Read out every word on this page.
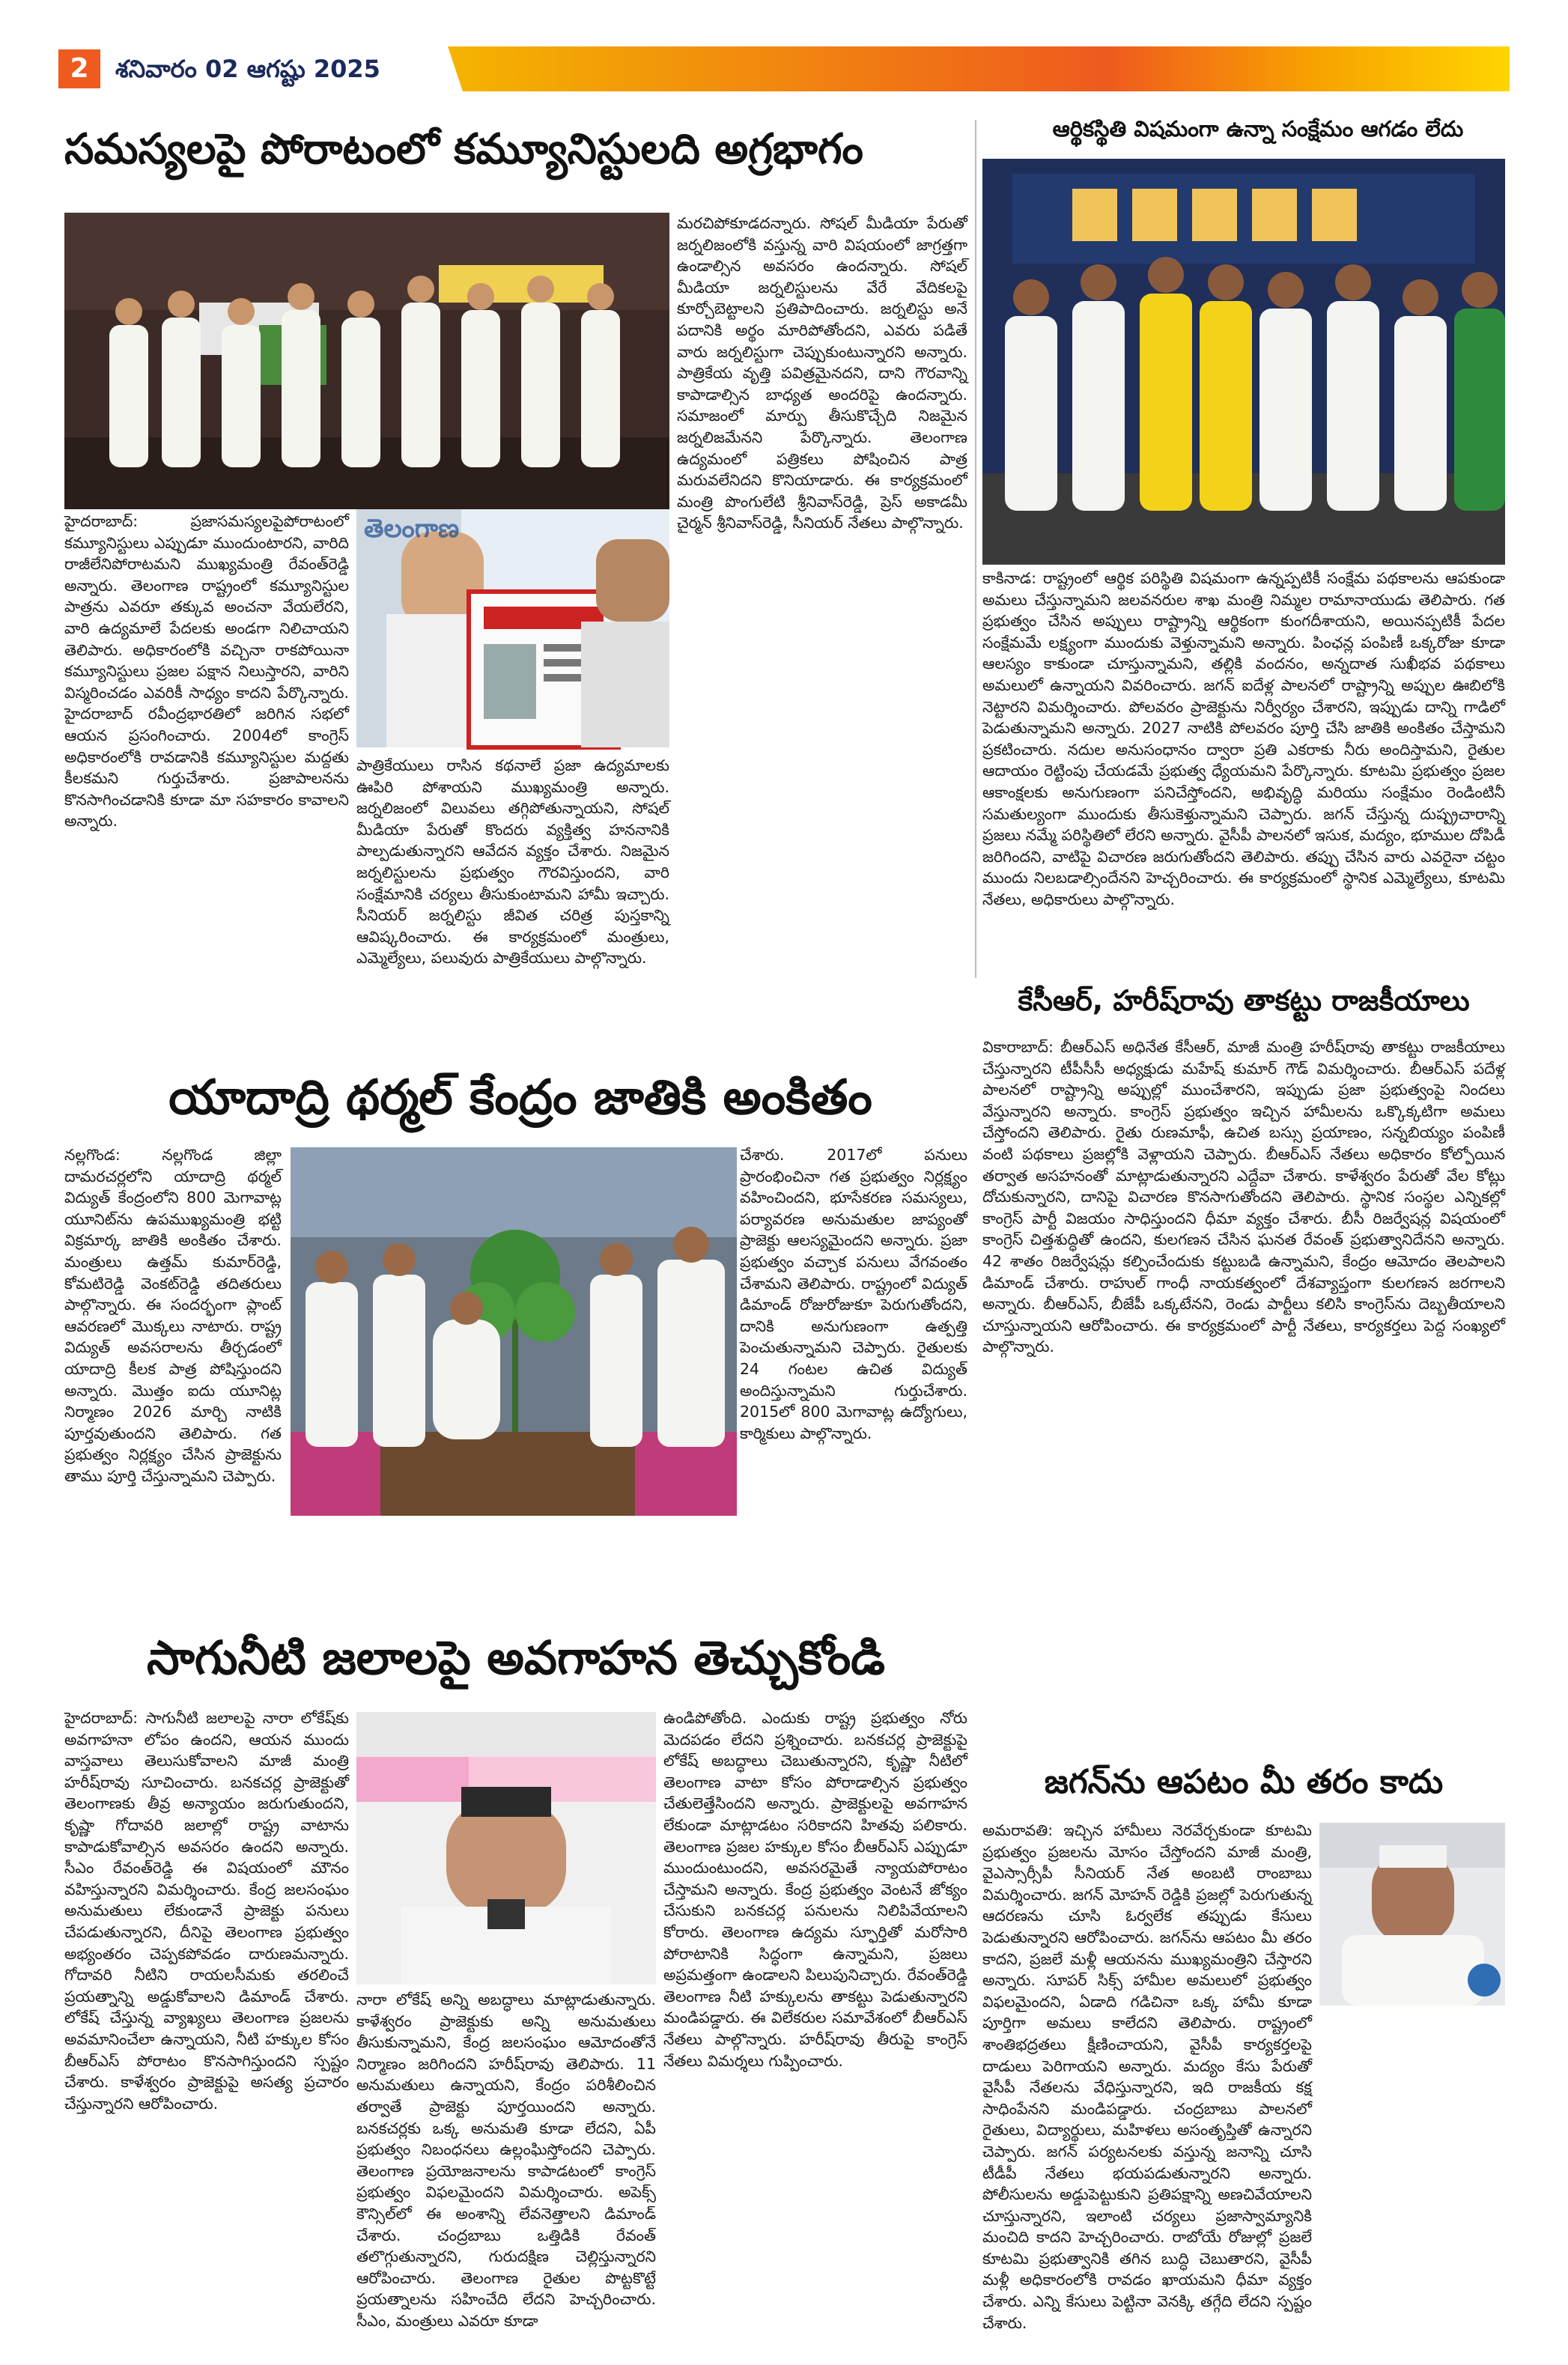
2	శనివారం 02 ఆగష్టు 2025
సమస్యలపై పోరాటంలో కమ్యూనిస్టులది అగ్రభాగం
తెలంగాణ

హైదరాబాద్: ప్రజాసమస్యలపైపోరాటంలో కమ్యూనిస్టులు ఎప్పుడూ ముందుంటారని, వారిది రాజీలేనిపోరాటమని ముఖ్యమంత్రి రేవంత్‌రెడ్డి అన్నారు. తెలంగాణ రాష్ట్రంలో కమ్యూనిస్టుల పాత్రను ఎవరూ తక్కువ అంచనా వేయలేరని, వారి ఉద్యమాలే పేదలకు అండగా నిలిచాయని తెలిపారు. అధికారంలోకి వచ్చినా రాకపోయినా కమ్యూనిస్టులు ప్రజల పక్షాన నిలుస్తారని, వారిని విస్మరించడం ఎవరికీ సాధ్యం కాదని పేర్కొన్నారు. హైదరాబాద్ రవీంద్రభారతిలో జరిగిన సభలో ఆయన ప్రసంగించారు. 2004లో కాంగ్రెస్ అధికారంలోకి రావడానికి కమ్యూనిస్టుల మద్దతు కీలకమని గుర్తుచేశారు. ప్రజాపాలనను కొనసాగించడానికి కూడా మా సహకారం కావాలని అన్నారు.

పాత్రికేయులు రాసిన కథనాలే ప్రజా ఉద్యమాలకు ఊపిరి పోశాయని ముఖ్యమంత్రి అన్నారు. జర్నలిజంలో విలువలు తగ్గిపోతున్నాయని, సోషల్ మీడియా పేరుతో కొందరు వ్యక్తిత్వ హననానికి పాల్పడుతున్నారని ఆవేదన వ్యక్తం చేశారు. నిజమైన జర్నలిస్టులను ప్రభుత్వం గౌరవిస్తుందని, వారి సంక్షేమానికి చర్యలు తీసుకుంటామని హామీ ఇచ్చారు. సీనియర్ జర్నలిస్టు జీవిత చరిత్ర పుస్తకాన్ని ఆవిష్కరించారు. ఈ కార్యక్రమంలో మంత్రులు, ఎమ్మెల్యేలు, పలువురు పాత్రికేయులు పాల్గొన్నారు.

మరచిపోకూడదన్నారు. సోషల్ మీడియా పేరుతో జర్నలిజంలోకి వస్తున్న వారి విషయంలో జాగ్రత్తగా ఉండాల్సిన అవసరం ఉందన్నారు. సోషల్ మీడియా జర్నలిస్టులను వేరే వేదికలపై కూర్చోబెట్టాలని ప్రతిపాదించారు. జర్నలిస్టు అనే పదానికి అర్థం మారిపోతోందని, ఎవరు పడితే వారు జర్నలిస్టుగా చెప్పుకుంటున్నారని అన్నారు. పాత్రికేయ వృత్తి పవిత్రమైనదని, దాని గౌరవాన్ని కాపాడాల్సిన బాధ్యత అందరిపై ఉందన్నారు. సమాజంలో మార్పు తీసుకొచ్చేది నిజమైన జర్నలిజమేనని పేర్కొన్నారు. తెలంగాణ ఉద్యమంలో పత్రికలు పోషించిన పాత్ర మరువలేనిదని కొనియాడారు. ఈ కార్యక్రమంలో మంత్రి పొంగులేటి శ్రీనివాస్‌రెడ్డి, ప్రెస్ అకాడమీ చైర్మన్ శ్రీనివాస్‌రెడ్డి, సీనియర్ నేతలు పాల్గొన్నారు.

ఆర్థికస్థితి విషమంగా ఉన్నా సంక్షేమం ఆగడం లేదు

కాకినాడ: రాష్ట్రంలో ఆర్థిక పరిస్థితి విషమంగా ఉన్నప్పటికీ సంక్షేమ పథకాలను ఆపకుండా అమలు చేస్తున్నామని జలవనరుల శాఖ మంత్రి నిమ్మల రామానాయుడు తెలిపారు. గత ప్రభుత్వం చేసిన అప్పులు రాష్ట్రాన్ని ఆర్థికంగా కుంగదీశాయని, అయినప్పటికీ పేదల సంక్షేమమే లక్ష్యంగా ముందుకు వెళ్తున్నామని అన్నారు. పింఛన్ల పంపిణీ ఒక్కరోజు కూడా ఆలస్యం కాకుండా చూస్తున్నామని, తల్లికి వందనం, అన్నదాత సుఖీభవ పథకాలు అమలులో ఉన్నాయని వివరించారు. జగన్ ఐదేళ్ల పాలనలో రాష్ట్రాన్ని అప్పుల ఊబిలోకి నెట్టారని విమర్శించారు. పోలవరం ప్రాజెక్టును నిర్వీర్యం చేశారని, ఇప్పుడు దాన్ని గాడిలో పెడుతున్నామని అన్నారు. 2027 నాటికి పోలవరం పూర్తి చేసి జాతికి అంకితం చేస్తామని ప్రకటించారు. నదుల అనుసంధానం ద్వారా ప్రతి ఎకరాకు నీరు అందిస్తామని, రైతుల ఆదాయం రెట్టింపు చేయడమే ప్రభుత్వ ధ్యేయమని పేర్కొన్నారు. కూటమి ప్రభుత్వం ప్రజల ఆకాంక్షలకు అనుగుణంగా పనిచేస్తోందని, అభివృద్ధి మరియు సంక్షేమం రెండింటినీ సమతుల్యంగా ముందుకు తీసుకెళ్తున్నామని చెప్పారు. జగన్ చేస్తున్న దుష్ప్రచారాన్ని ప్రజలు నమ్మే పరిస్థితిలో లేరని అన్నారు. వైసీపీ పాలనలో ఇసుక, మద్యం, భూముల దోపిడీ జరిగిందని, వాటిపై విచారణ జరుగుతోందని తెలిపారు. తప్పు చేసిన వారు ఎవరైనా చట్టం ముందు నిలబడాల్సిందేనని హెచ్చరించారు. ఈ కార్యక్రమంలో స్థానిక ఎమ్మెల్యేలు, కూటమి నేతలు, అధికారులు పాల్గొన్నారు.

కేసీఆర్, హరీష్‌రావు తాకట్టు రాజకీయాలు

వికారాబాద్: బీఆర్ఎస్ అధినేత కేసీఆర్, మాజీ మంత్రి హరీష్‌రావు తాకట్టు రాజకీయాలు చేస్తున్నారని టీపీసీసీ అధ్యక్షుడు మహేష్ కుమార్ గౌడ్ విమర్శించారు. బీఆర్ఎస్ పదేళ్ల పాలనలో రాష్ట్రాన్ని అప్పుల్లో ముంచేశారని, ఇప్పుడు ప్రజా ప్రభుత్వంపై నిందలు వేస్తున్నారని అన్నారు. కాంగ్రెస్ ప్రభుత్వం ఇచ్చిన హామీలను ఒక్కొక్కటిగా అమలు చేస్తోందని తెలిపారు. రైతు రుణమాఫీ, ఉచిత బస్సు ప్రయాణం, సన్నబియ్యం పంపిణీ వంటి పథకాలు ప్రజల్లోకి వెళ్లాయని చెప్పారు. బీఆర్ఎస్ నేతలు అధికారం కోల్పోయిన తర్వాత అసహనంతో మాట్లాడుతున్నారని ఎద్దేవా చేశారు. కాళేశ్వరం పేరుతో వేల కోట్లు దోచుకున్నారని, దానిపై విచారణ కొనసాగుతోందని తెలిపారు. స్థానిక సంస్థల ఎన్నికల్లో కాంగ్రెస్ పార్టీ విజయం సాధిస్తుందని ధీమా వ్యక్తం చేశారు. బీసీ రిజర్వేషన్ల విషయంలో కాంగ్రెస్ చిత్తశుద్ధితో ఉందని, కులగణన చేసిన ఘనత రేవంత్ ప్రభుత్వానిదేనని అన్నారు. 42 శాతం రిజర్వేషన్లు కల్పించేందుకు కట్టుబడి ఉన్నామని, కేంద్రం ఆమోదం తెలపాలని డిమాండ్ చేశారు. రాహుల్ గాంధీ నాయకత్వంలో దేశవ్యాప్తంగా కులగణన జరగాలని అన్నారు. బీఆర్ఎస్, బీజేపీ ఒక్కటేనని, రెండు పార్టీలు కలిసి కాంగ్రెస్‌ను దెబ్బతీయాలని చూస్తున్నాయని ఆరోపించారు. ఈ కార్యక్రమంలో పార్టీ నేతలు, కార్యకర్తలు పెద్ద సంఖ్యలో పాల్గొన్నారు.

యాదాద్రి థర్మల్ కేంద్రం జాతికి అంకితం

నల్లగొండ: నల్లగొండ జిల్లా దామరచర్లలోని యాదాద్రి థర్మల్ విద్యుత్ కేంద్రంలోని 800 మెగావాట్ల యూనిట్‌ను ఉపముఖ్యమంత్రి భట్టి విక్రమార్క జాతికి అంకితం చేశారు. మంత్రులు ఉత్తమ్ కుమార్‌రెడ్డి, కోమటిరెడ్డి వెంకట్‌రెడ్డి తదితరులు పాల్గొన్నారు. ఈ సందర్భంగా ప్లాంట్ ఆవరణలో మొక్కలు నాటారు. రాష్ట్ర విద్యుత్ అవసరాలను తీర్చడంలో యాదాద్రి కీలక పాత్ర పోషిస్తుందని అన్నారు. మొత్తం ఐదు యూనిట్ల నిర్మాణం 2026 మార్చి నాటికి పూర్తవుతుందని తెలిపారు. గత ప్రభుత్వం నిర్లక్ష్యం చేసిన ప్రాజెక్టును తాము పూర్తి చేస్తున్నామని చెప్పారు.

చేశారు. 2017లో పనులు ప్రారంభించినా గత ప్రభుత్వం నిర్లక్ష్యం వహించిందని, భూసేకరణ సమస్యలు, పర్యావరణ అనుమతుల జాప్యంతో ప్రాజెక్టు ఆలస్యమైందని అన్నారు. ప్రజా ప్రభుత్వం వచ్చాక పనులు వేగవంతం చేశామని తెలిపారు. రాష్ట్రంలో విద్యుత్ డిమాండ్ రోజురోజుకూ పెరుగుతోందని, దానికి అనుగుణంగా ఉత్పత్తి పెంచుతున్నామని చెప్పారు. రైతులకు 24 గంటల ఉచిత విద్యుత్ అందిస్తున్నామని గుర్తుచేశారు. 2015లో 800 మెగావాట్ల ఉద్యోగులు, కార్మికులు పాల్గొన్నారు.

సాగునీటి జలాలపై అవగాహన తెచ్చుకోండి

హైదరాబాద్: సాగునీటి జలాలపై నారా లోకేష్‌కు అవగాహనా లోపం ఉందని, ఆయన ముందు వాస్తవాలు తెలుసుకోవాలని మాజీ మంత్రి హరీష్‌రావు సూచించారు. బనకచర్ల ప్రాజెక్టుతో తెలంగాణకు తీవ్ర అన్యాయం జరుగుతుందని, కృష్ణా గోదావరి జలాల్లో రాష్ట్ర వాటాను కాపాడుకోవాల్సిన అవసరం ఉందని అన్నారు. సీఎం రేవంత్‌రెడ్డి ఈ విషయంలో మౌనం వహిస్తున్నారని విమర్శించారు. కేంద్ర జలసంఘం అనుమతులు లేకుండానే ప్రాజెక్టు పనులు చేపడుతున్నారని, దీనిపై తెలంగాణ ప్రభుత్వం అభ్యంతరం చెప్పకపోవడం దారుణమన్నారు. గోదావరి నీటిని రాయలసీమకు తరలించే ప్రయత్నాన్ని అడ్డుకోవాలని డిమాండ్ చేశారు. లోకేష్ చేస్తున్న వ్యాఖ్యలు తెలంగాణ ప్రజలను అవమానించేలా ఉన్నాయని, నీటి హక్కుల కోసం బీఆర్ఎస్ పోరాటం కొనసాగిస్తుందని స్పష్టం చేశారు. కాళేశ్వరం ప్రాజెక్టుపై అసత్య ప్రచారం చేస్తున్నారని ఆరోపించారు.

నారా లోకేష్ అన్ని అబద్ధాలు మాట్లాడుతున్నారు. కాళేశ్వరం ప్రాజెక్టుకు అన్ని అనుమతులు తీసుకున్నామని, కేంద్ర జలసంఘం ఆమోదంతోనే నిర్మాణం జరిగిందని హరీష్‌రావు తెలిపారు. 11 అనుమతులు ఉన్నాయని, కేంద్రం పరిశీలించిన తర్వాతే ప్రాజెక్టు పూర్తయిందని అన్నారు. బనకచర్లకు ఒక్క అనుమతి కూడా లేదని, ఏపీ ప్రభుత్వం నిబంధనలు ఉల్లంఘిస్తోందని చెప్పారు. తెలంగాణ ప్రయోజనాలను కాపాడటంలో కాంగ్రెస్ ప్రభుత్వం విఫలమైందని విమర్శించారు. అపెక్స్ కౌన్సిల్‌లో ఈ అంశాన్ని లేవనెత్తాలని డిమాండ్ చేశారు. చంద్రబాబు ఒత్తిడికి రేవంత్ తలొగ్గుతున్నారని, గురుదక్షిణ చెల్లిస్తున్నారని ఆరోపించారు. తెలంగాణ రైతుల పొట్టకొట్టే ప్రయత్నాలను సహించేది లేదని హెచ్చరించారు. సీఎం, మంత్రులు ఎవరూ కూడా

ఉండిపోతోంది. ఎందుకు రాష్ట్ర ప్రభుత్వం నోరు మెదపడం లేదని ప్రశ్నించారు. బనకచర్ల ప్రాజెక్టుపై లోకేష్ అబద్ధాలు చెబుతున్నారని, కృష్ణా నీటిలో తెలంగాణ వాటా కోసం పోరాడాల్సిన ప్రభుత్వం చేతులెత్తేసిందని అన్నారు. ప్రాజెక్టులపై అవగాహన లేకుండా మాట్లాడటం సరికాదని హితవు పలికారు. తెలంగాణ ప్రజల హక్కుల కోసం బీఆర్ఎస్ ఎప్పుడూ ముందుంటుందని, అవసరమైతే న్యాయపోరాటం చేస్తామని అన్నారు. కేంద్ర ప్రభుత్వం వెంటనే జోక్యం చేసుకుని బనకచర్ల పనులను నిలిపివేయాలని కోరారు. తెలంగాణ ఉద్యమ స్ఫూర్తితో మరోసారి పోరాటానికి సిద్ధంగా ఉన్నామని, ప్రజలు అప్రమత్తంగా ఉండాలని పిలుపునిచ్చారు. రేవంత్‌రెడ్డి తెలంగాణ నీటి హక్కులను తాకట్టు పెడుతున్నారని మండిపడ్డారు. ఈ విలేకరుల సమావేశంలో బీఆర్ఎస్ నేతలు పాల్గొన్నారు. హరీష్‌రావు తీరుపై కాంగ్రెస్ నేతలు విమర్శలు గుప్పించారు.

జగన్‌ను ఆపటం మీ తరం కాదు

అమరావతి: ఇచ్చిన హామీలు నెరవేర్చకుండా కూటమి ప్రభుత్వం ప్రజలను మోసం చేస్తోందని మాజీ మంత్రి, వైఎస్సార్సీపీ సీనియర్ నేత అంబటి రాంబాబు విమర్శించారు. జగన్ మోహన్ రెడ్డికి ప్రజల్లో పెరుగుతున్న ఆదరణను చూసి ఓర్వలేక తప్పుడు కేసులు పెడుతున్నారని ఆరోపించారు. జగన్‌ను ఆపటం మీ తరం కాదని, ప్రజలే మళ్లీ ఆయనను ముఖ్యమంత్రిని చేస్తారని అన్నారు. సూపర్ సిక్స్ హామీల అమలులో ప్రభుత్వం విఫలమైందని, ఏడాది గడిచినా ఒక్క హామీ కూడా పూర్తిగా అమలు కాలేదని తెలిపారు. రాష్ట్రంలో శాంతిభద్రతలు క్షీణించాయని, వైసీపీ కార్యకర్తలపై దాడులు పెరిగాయని అన్నారు. మద్యం కేసు పేరుతో వైసీపీ నేతలను వేధిస్తున్నారని, ఇది రాజకీయ కక్ష సాధింపేనని మండిపడ్డారు. చంద్రబాబు పాలనలో రైతులు, విద్యార్థులు, మహిళలు అసంతృప్తితో ఉన్నారని చెప్పారు. జగన్ పర్యటనలకు వస్తున్న జనాన్ని చూసి టీడీపీ నేతలు భయపడుతున్నారని అన్నారు. పోలీసులను అడ్డుపెట్టుకుని ప్రతిపక్షాన్ని అణచివేయాలని చూస్తున్నారని, ఇలాంటి చర్యలు ప్రజాస్వామ్యానికి మంచిది కాదని హెచ్చరించారు. రాబోయే రోజుల్లో ప్రజలే కూటమి ప్రభుత్వానికి తగిన బుద్ధి చెబుతారని, వైసీపీ మళ్లీ అధికారంలోకి రావడం ఖాయమని ధీమా వ్యక్తం చేశారు. ఎన్ని కేసులు పెట్టినా వెనక్కి తగ్గేది లేదని స్పష్టం చేశారు.
